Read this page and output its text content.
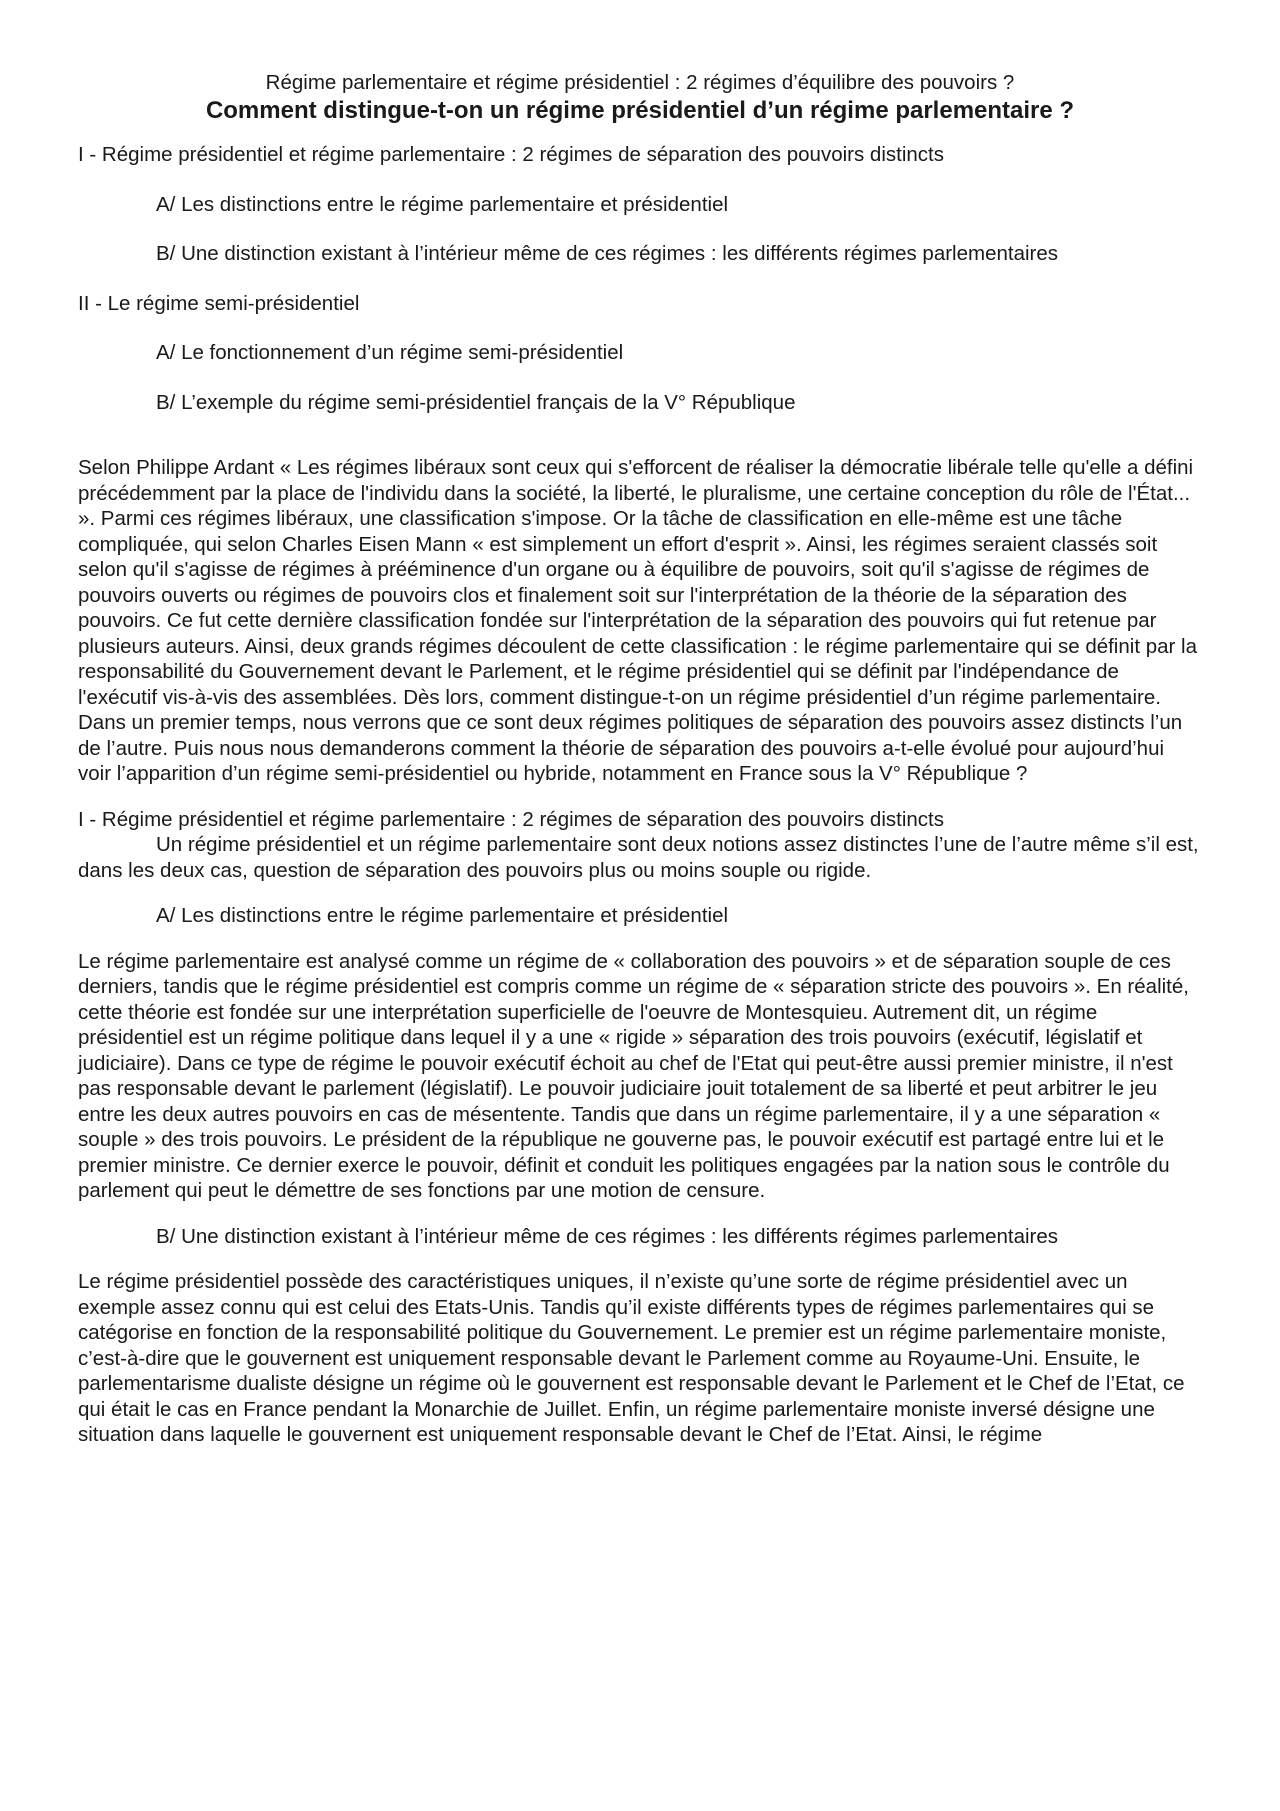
Régime parlementaire et régime présidentiel : 2 régimes d’équilibre des pouvoirs ?

Comment distingue-t-on un régime présidentiel d’un régime parlementaire ?

I - Régime présidentiel et régime parlementaire : 2 régimes de séparation des pouvoirs distincts

A/ Les distinctions entre le régime parlementaire et présidentiel

B/ Une distinction existant à l’intérieur même de ces régimes : les différents régimes parlementaires

II - Le régime semi-présidentiel

A/ Le fonctionnement d’un régime semi-présidentiel

B/ L’exemple du régime semi-présidentiel français de la V° République

Selon Philippe Ardant « Les régimes libéraux sont ceux qui s'efforcent de réaliser la démocratie libérale telle qu'elle a défini précédemment par la place de l'individu dans la société, la liberté, le pluralisme, une certaine conception du rôle de l'État... ». Parmi ces régimes libéraux, une classification s'impose. Or la tâche de classification en elle-même est une tâche compliquée, qui selon Charles Eisen Mann « est simplement un effort d'esprit ». Ainsi, les régimes seraient classés soit selon qu'il s'agisse de régimes à prééminence d'un organe ou à équilibre de pouvoirs, soit qu'il s'agisse de régimes de pouvoirs ouverts ou régimes de pouvoirs clos et finalement soit sur l'interprétation de la théorie de la séparation des pouvoirs. Ce fut cette dernière classification fondée sur l'interprétation de la séparation des pouvoirs qui fut retenue par plusieurs auteurs. Ainsi, deux grands régimes découlent de cette classification : le régime parlementaire qui se définit par la responsabilité du Gouvernement devant le Parlement, et le régime présidentiel qui se définit par l'indépendance de l'exécutif vis-à-vis des assemblées. Dès lors, comment distingue-t-on un régime présidentiel d’un régime parlementaire. Dans un premier temps, nous verrons que ce sont deux régimes politiques de séparation des pouvoirs assez distincts l’un de l’autre. Puis nous nous demanderons comment la théorie de séparation des pouvoirs a-t-elle évolué pour aujourd’hui voir l’apparition d’un régime semi-présidentiel ou hybride, notamment en France sous la V° République ?

I - Régime présidentiel et régime parlementaire : 2 régimes de séparation des pouvoirs distincts

Un régime présidentiel et un régime parlementaire sont deux notions assez distinctes l’une de l’autre même s’il est, dans les deux cas, question de séparation des pouvoirs plus ou moins souple ou rigide.

A/ Les distinctions entre le régime parlementaire et présidentiel

Le régime parlementaire est analysé comme un régime de « collaboration des pouvoirs » et de séparation souple de ces derniers, tandis que le régime présidentiel est compris comme un régime de « séparation stricte des pouvoirs ». En réalité, cette théorie est fondée sur une interprétation superficielle de l'oeuvre de Montesquieu. Autrement dit, un régime présidentiel est un régime politique dans lequel il y a une « rigide » séparation des trois pouvoirs (exécutif, législatif et judiciaire). Dans ce type de régime le pouvoir exécutif échoit au chef de l'Etat qui peut-être aussi premier ministre, il n'est pas responsable devant le parlement (législatif). Le pouvoir judiciaire jouit totalement de sa liberté et peut arbitrer le jeu entre les deux autres pouvoirs en cas de mésentente. Tandis que dans un régime parlementaire, il y a une séparation « souple » des trois pouvoirs. Le président de la république ne gouverne pas, le pouvoir exécutif est partagé entre lui et le premier ministre. Ce dernier exerce le pouvoir, définit et conduit les politiques engagées par la nation sous le contrôle du parlement qui peut le démettre de ses fonctions par une motion de censure.

B/ Une distinction existant à l’intérieur même de ces régimes : les différents régimes parlementaires

Le régime présidentiel possède des caractéristiques uniques, il n’existe qu’une sorte de régime présidentiel avec un exemple assez connu qui est celui des Etats-Unis. Tandis qu’il existe différents types de régimes parlementaires qui se catégorise en fonction de la responsabilité politique du Gouvernement. Le premier est un régime parlementaire moniste, c’est-à-dire que le gouvernent est uniquement responsable devant le Parlement comme au Royaume-Uni. Ensuite, le parlementarisme dualiste désigne un régime où le gouvernent est responsable devant le Parlement et le Chef de l’Etat, ce qui était le cas en France pendant la Monarchie de Juillet. Enfin, un régime parlementaire moniste inversé désigne une situation dans laquelle le gouvernent est uniquement responsable devant le Chef de l’Etat. Ainsi, le régime
